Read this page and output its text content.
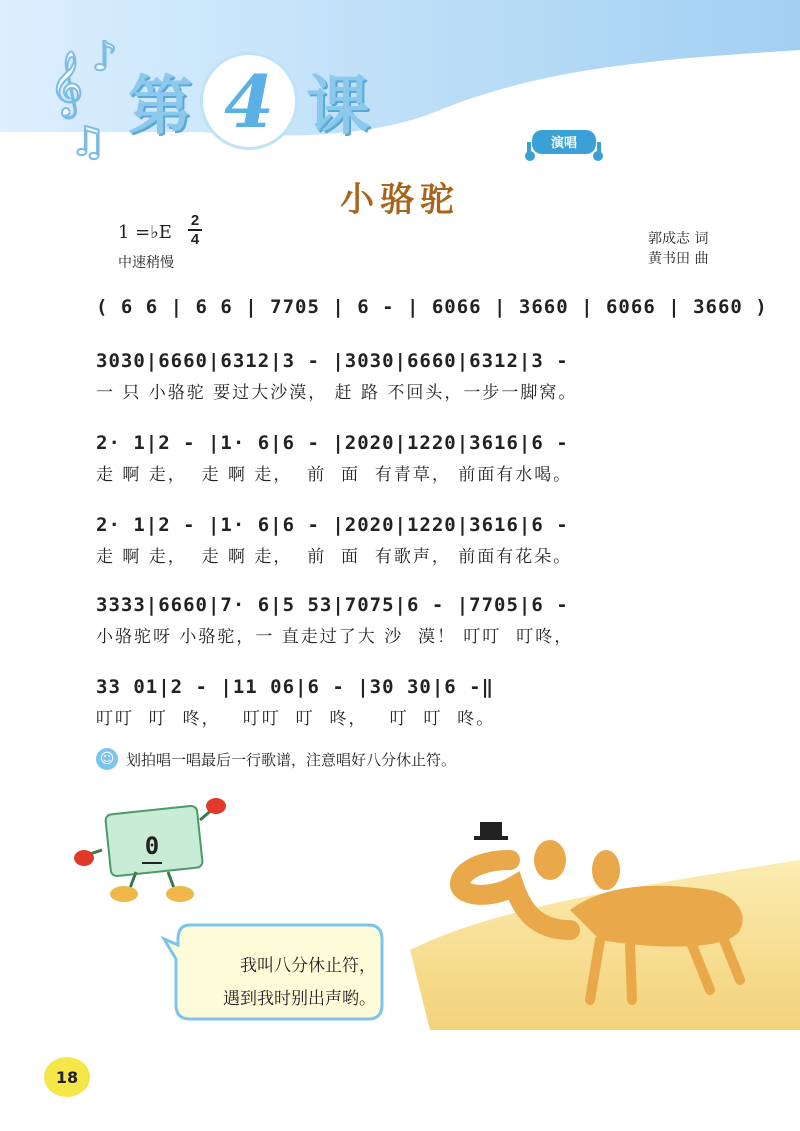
𝄞 ♪
♫ 第 4 课	演唱
小骆驼
1 =♭E
2
4
中速稍慢
郭成志 词
黄书田 曲
( 6 6 | 6 6 | 7705 | 6 - | 6066 | 3660 | 6066 | 3660 )
3030|6660|6312|3 - |3030|6660|6312|3 -
一 只 小骆驼 要过大沙漠， 赶 路 不回头，一步一脚窝。
2· 1|2 - |1· 6|6 - |2020|1220|3616|6 -
走 啊 走，  走 啊 走，  前  面  有青草， 前面有水喝。
2· 1|2 - |1· 6|6 - |2020|1220|3616|6 -
走 啊 走，  走 啊 走，  前  面  有歌声， 前面有花朵。
3333|6660|7· 6|5 53|7075|6 - |7705|6 -
小骆驼呀 小骆驼，一 直走过了大 沙  漠！ 叮叮  叮咚，
33 01|2 - |11 06|6 - |30 30|6 -‖
叮叮  叮  咚，   叮叮  叮  咚，   叮  叮  咚。
☺ 划拍唱一唱最后一行歌谱，注意唱好八分休止符。
0
我叫八分休止符，
遇到我时别出声哟。
18
